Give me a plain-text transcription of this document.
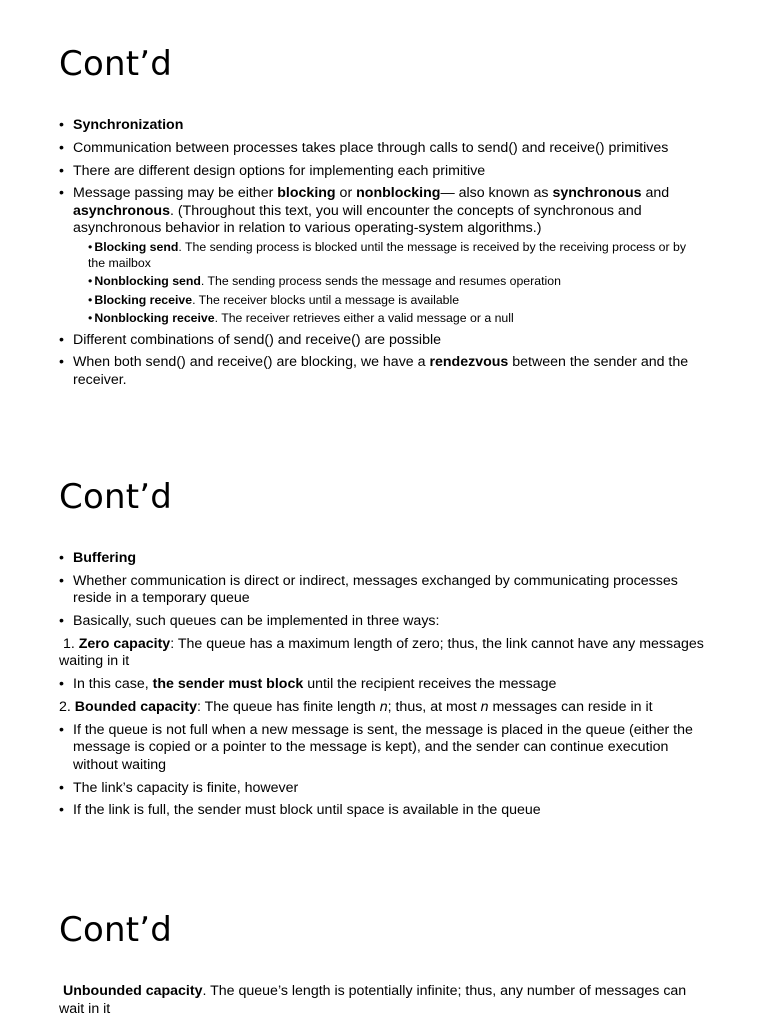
Cont’d
• Synchronization
• Communication between processes takes place through calls to send() and receive() primitives
• There are different design options for implementing each primitive
• Message passing may be either blocking or nonblocking— also known as synchronous and asynchronous. (Throughout this text, you will encounter the concepts of synchronous and asynchronous behavior in relation to various operating-system algorithms.)
• Blocking send. The sending process is blocked until the message is received by the receiving process or by the mailbox
• Nonblocking send. The sending process sends the message and resumes operation
• Blocking receive. The receiver blocks until a message is available
• Nonblocking receive. The receiver retrieves either a valid message or a null
• Different combinations of send() and receive() are possible
• When both send() and receive() are blocking, we have a rendezvous between the sender and the receiver.
Cont’d
• Buffering
• Whether communication is direct or indirect, messages exchanged by communicating processes reside in a temporary queue
• Basically, such queues can be implemented in three ways:
1. Zero capacity: The queue has a maximum length of zero; thus, the link cannot have any messages waiting in it
• In this case, the sender must block until the recipient receives the message
2. Bounded capacity: The queue has finite length n; thus, at most n messages can reside in it
• If the queue is not full when a new message is sent, the message is placed in the queue (either the message is copied or a pointer to the message is kept), and the sender can continue execution without waiting
• The link’s capacity is finite, however
• If the link is full, the sender must block until space is available in the queue
Cont’d
Unbounded capacity. The queue’s length is potentially infinite; thus, any number of messages can wait in it
